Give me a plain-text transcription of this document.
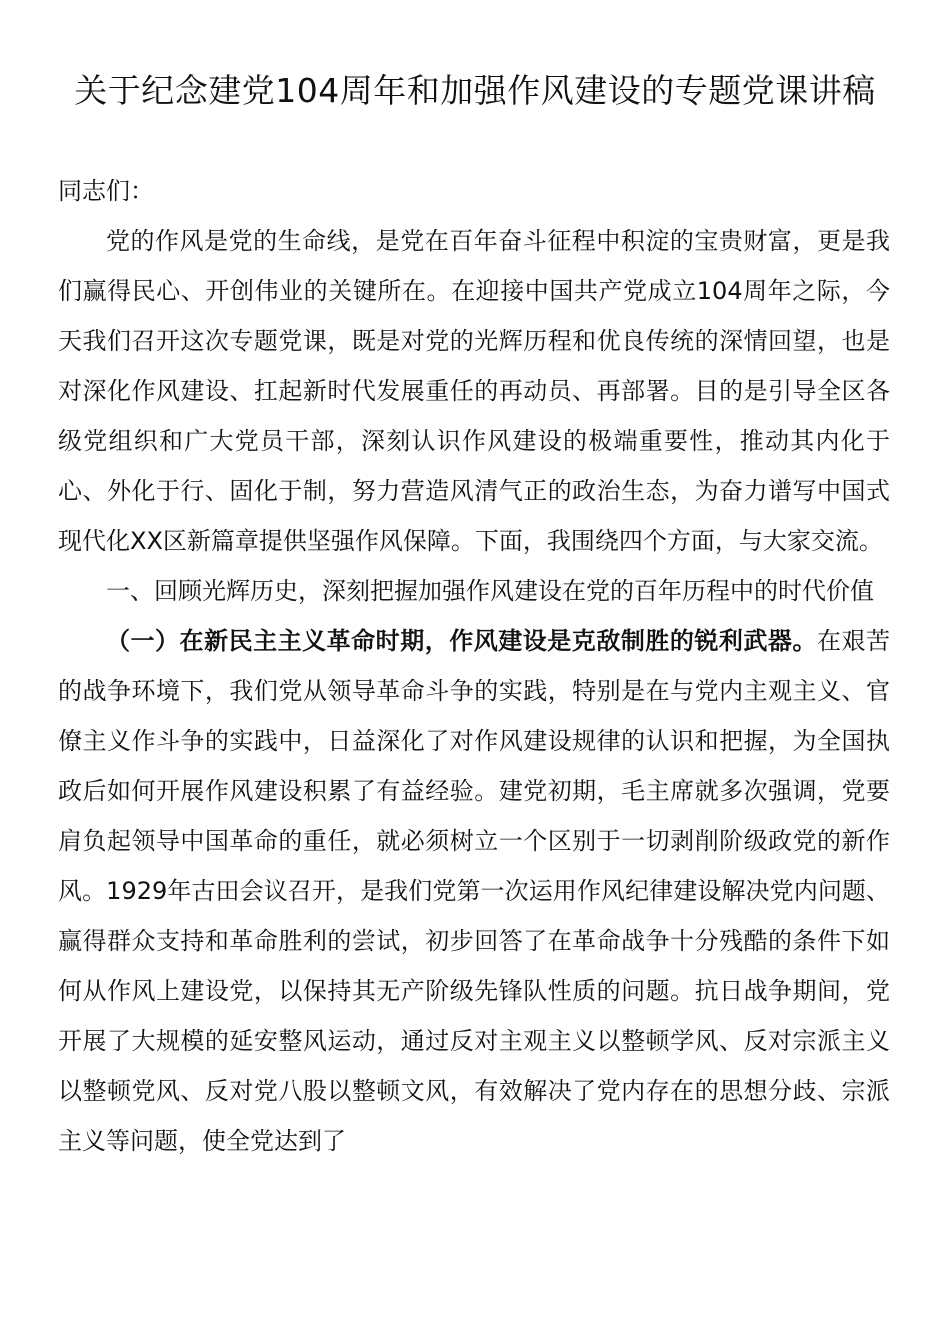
关于纪念建党104周年和加强作风建设的专题党课讲稿

同志们：

党的作风是党的生命线，是党在百年奋斗征程中积淀的宝贵财富，更是我们赢得民心、开创伟业的关键所在。在迎接中国共产党成立104周年之际，今天我们召开这次专题党课，既是对党的光辉历程和优良传统的深情回望，也是对深化作风建设、扛起新时代发展重任的再动员、再部署。目的是引导全区各级党组织和广大党员干部，深刻认识作风建设的极端重要性，推动其内化于心、外化于行、固化于制，努力营造风清气正的政治生态，为奋力谱写中国式现代化XX区新篇章提供坚强作风保障。下面，我围绕四个方面，与大家交流。

一、回顾光辉历史，深刻把握加强作风建设在党的百年历程中的时代价值

（一）在新民主主义革命时期，作风建设是克敌制胜的锐利武器。在艰苦的战争环境下，我们党从领导革命斗争的实践，特别是在与党内主观主义、官僚主义作斗争的实践中，日益深化了对作风建设规律的认识和把握，为全国执政后如何开展作风建设积累了有益经验。建党初期，毛主席就多次强调，党要肩负起领导中国革命的重任，就必须树立一个区别于一切剥削阶级政党的新作风。1929年古田会议召开，是我们党第一次运用作风纪律建设解决党内问题、赢得群众支持和革命胜利的尝试，初步回答了在革命战争十分残酷的条件下如何从作风上建设党，以保持其无产阶级先锋队性质的问题。抗日战争期间，党开展了大规模的延安整风运动，通过反对主观主义以整顿学风、反对宗派主义以整顿党风、反对党八股以整顿文风，有效解决了党内存在的思想分歧、宗派主义等问题，使全党达到了
